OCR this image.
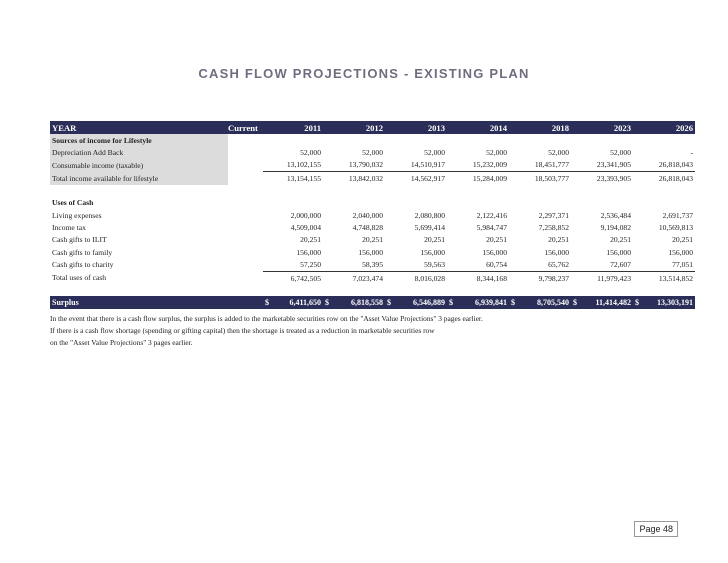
CASH FLOW PROJECTIONS - EXISTING PLAN
YEAR	Current		2011	2012	2013	2014	2018	2023	2026
Sources of income for Lifestyle									
Depreciation Add Back			52,000	52,000	52,000	52,000	52,000	52,000	-
Consumable income (taxable)			13,102,155	13,790,032	14,510,917	15,232,009	18,451,777	23,341,905	26,818,043
Total income available for lifestyle			13,154,155	13,842,032	14,562,917	15,284,009	18,503,777	23,393,905	26,818,043

Uses of Cash									
Living expenses			2,000,000	2,040,000	2,080,800	2,122,416	2,297,371	2,536,484	2,691,737
Income tax			4,509,004	4,748,828	5,699,414	5,984,747	7,258,852	9,194,082	10,569,813
Cash gifts to ILIT			20,251	20,251	20,251	20,251	20,251	20,251	20,251
Cash gifts to family			156,000	156,000	156,000	156,000	156,000	156,000	156,000
Cash gifts to charity			57,250	58,395	59,563	60,754	65,762	72,607	77,051
Total uses of cash			6,742,505	7,023,474	8,016,028	8,344,168	9,798,237	11,979,423	13,514,852

Surplus			$ 6,411,650	$ 6,818,558	$ 6,546,889	$ 6,939,841	$ 8,705,540	$ 11,414,482	$ 13,303,191
In the event that there is a cash flow surplus, the surplus is added to the marketable securities row on the "Asset Value Projections" 3 pages earlier.
If there is a cash flow shortage (spending or gifting capital) then the shortage is treated as a reduction in marketable securities row
on the "Asset Value Projections" 3 pages earlier.
Page 48
